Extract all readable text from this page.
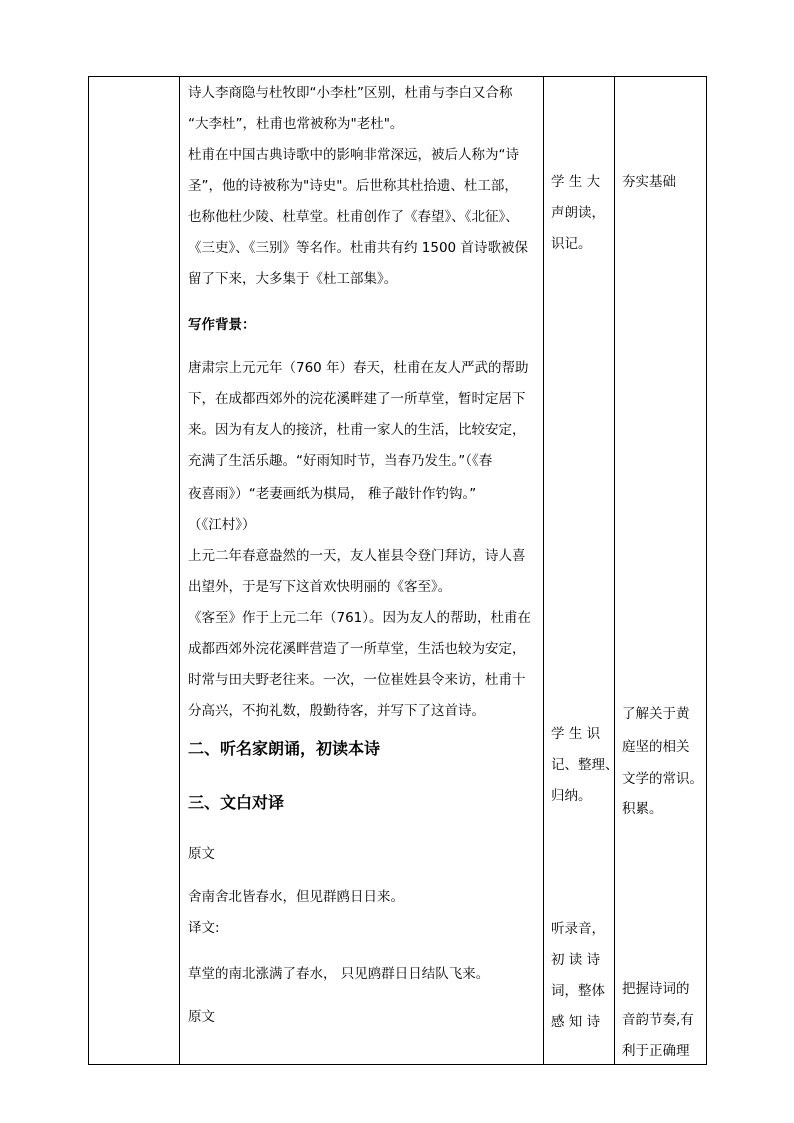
诗人李商隐与杜牧即“小李杜”区别，杜甫与李白又合称
“大李杜”，杜甫也常被称为"老杜"。
杜甫在中国古典诗歌中的影响非常深远，被后人称为“诗
圣”，他的诗被称为"诗史"。后世称其杜拾遗、杜工部，
也称他杜少陵、杜草堂。杜甫创作了《春望》、《北征》、
《三吏》、《三别》等名作。杜甫共有约 1500 首诗歌被保
留了下来，大多集于《杜工部集》。
写作背景：
唐肃宗上元元年（760 年）春天，杜甫在友人严武的帮助
下，在成都西郊外的浣花溪畔建了一所草堂，暂时定居下
来。因为有友人的接济，杜甫一家人的生活，比较安定，
充满了生活乐趣。“好雨知时节，当春乃发生。”（《春
夜喜雨》）“老妻画纸为棋局， 稚子敲针作钓钩。”
（《江村》）
上元二年春意盎然的一天，友人崔县令登门拜访，诗人喜
出望外，于是写下这首欢快明丽的《客至》。
《客至》作于上元二年（761）。因为友人的帮助，杜甫在
成都西郊外浣花溪畔营造了一所草堂，生活也较为安定，
时常与田夫野老往来。一次，一位崔姓县令来访，杜甫十
分高兴，不拘礼数，殷勤待客，并写下了这首诗。
二、听名家朗诵，初读本诗
三、文白对译
原文
舍南舍北皆春水，但见群鸥日日来。
译文:
草堂的南北涨满了春水， 只见鸥群日日结队飞来。
原文
学 生 大
声朗读，
识记。
学 生 识
记、整理、
归纳。
听录音，
初 读 诗
词，整体
感 知 诗
夯实基础
了解关于黄
庭坚的相关
文学的常识。
积累。
把握诗词的
音韵节奏,有
利于正确理
